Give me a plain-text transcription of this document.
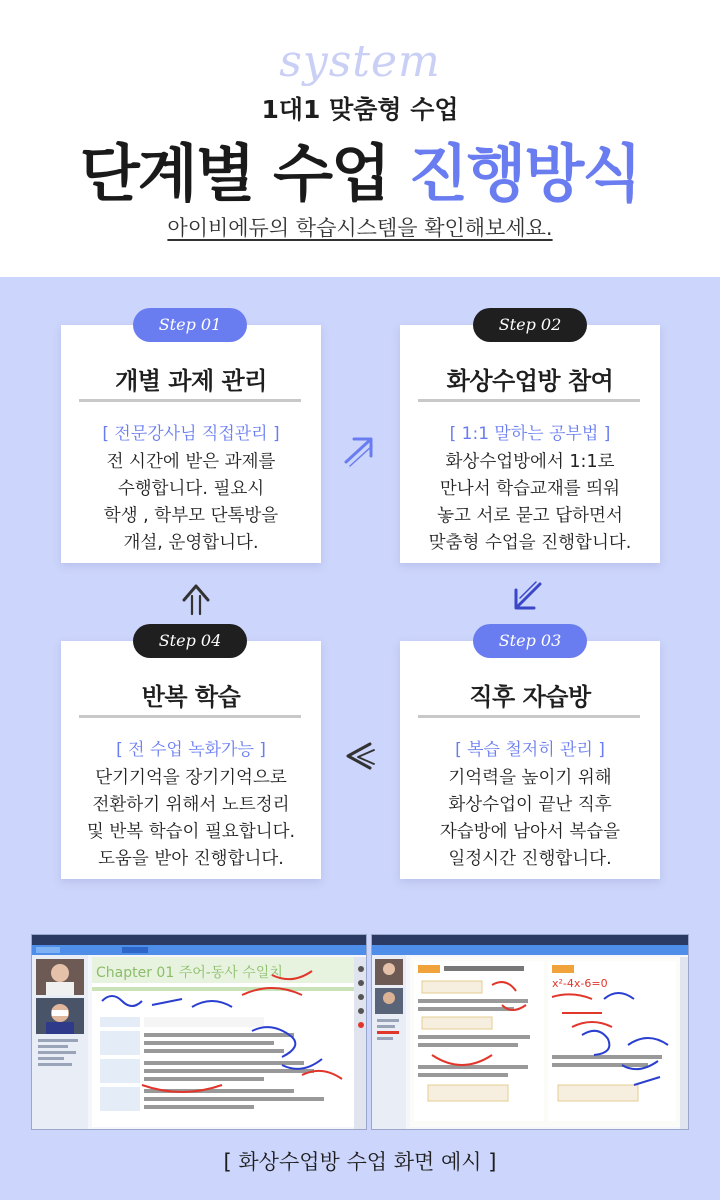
system
1대1 맞춤형 수업
단계별 수업 진행방식
아이비에듀의 학습시스템을 확인해보세요.
개별 과제 관리
[ 전문강사님 직접관리 ]
전 시간에 받은 과제를
수행합니다. 필요시
학생 , 학부모 단톡방을
개설, 운영합니다.
Step 01
화상수업방 참여
[ 1:1 말하는 공부법 ]
화상수업방에서 1:1로
만나서 학습교재를 띄워
놓고 서로 묻고 답하면서
맞춤형 수업을 진행합니다.
Step 02
반복 학습
[ 전 수업 녹화가능 ]
단기기억을 장기기억으로
전환하기 위해서 노트정리
및 반복 학습이 필요합니다.
도움을 받아 진행합니다.
Step 04
직후 자습방
[ 복습 철저히 관리 ]
기억력을 높이기 위해
화상수업이 끝난 직후
자습방에 남아서 복습을
일정시간 진행합니다.
Step 03
Chapter 01 주어-동사 수일치
x²-4x-6=0
[ 화상수업방 수업 화면 예시 ]
